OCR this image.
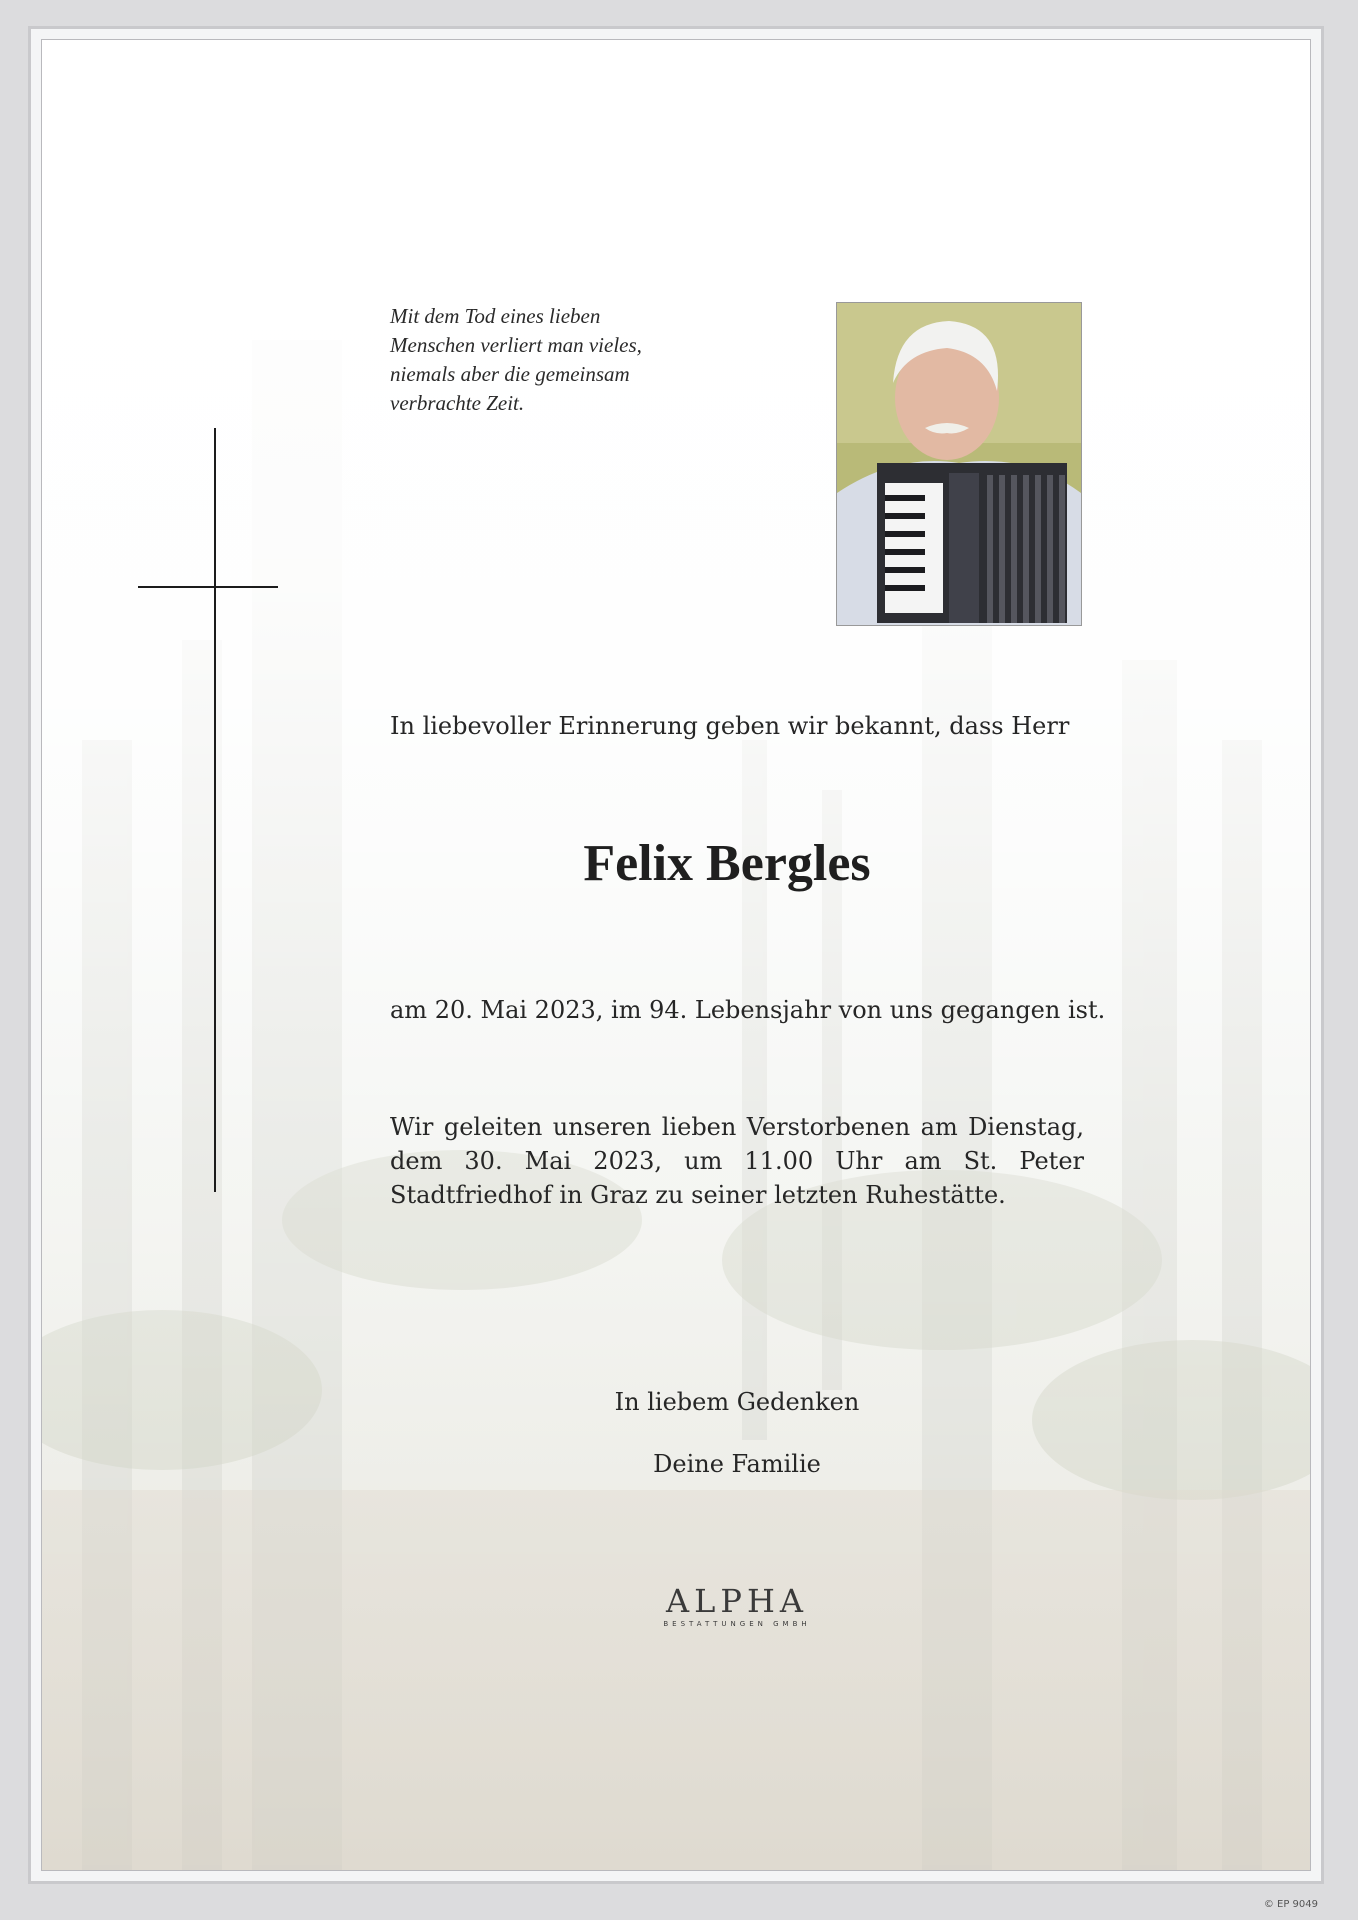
Mit dem Tod eines lieben
Menschen verliert man vieles,
niemals aber die gemeinsam
verbrachte Zeit.
In liebevoller Erinnerung geben wir bekannt, dass Herr
Felix Bergles
am 20. Mai 2023, im 94. Lebensjahr von uns gegangen ist.
Wir geleiten unseren lieben Verstorbenen am Dienstag,
dem 30. Mai 2023, um 11.00 Uhr am St. Peter
Stadtfriedhof in Graz zu seiner letzten Ruhestätte.
In liebem Gedenken
Deine Familie
ALPHA
BESTATTUNGEN GMBH
© EP 9049
